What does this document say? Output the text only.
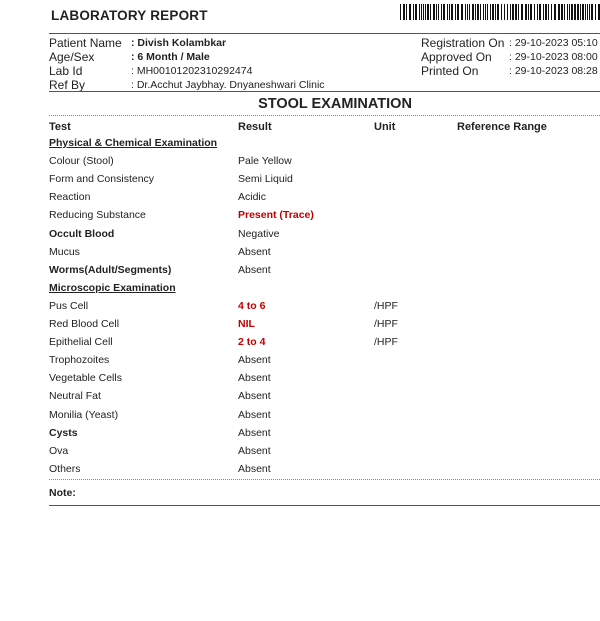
LABORATORY REPORT
Patient Name : Divish Kolambkar
Age/Sex	: 6 Month / Male
Lab Id	: MH00101202310292474
Ref By	: Dr.Acchut Jaybhay. Dnyaneshwari Clinic
Registration On : 29-10-2023 05:10
Approved On : 29-10-2023 08:00
Printed On	: 29-10-2023 08:28
STOOL EXAMINATION
Test	Result	Unit	Reference Range
Physical & Chemical Examination
Colour (Stool)	Pale Yellow
Form and Consistency	Semi Liquid
Reaction	Acidic
Reducing Substance	Present (Trace)
Occult Blood	Negative
Mucus	Absent
Worms(Adult/Segments)	Absent
Microscopic Examination
Pus Cell	4 to 6	/HPF
Red Blood Cell	NIL	/HPF
Epithelial Cell	2 to 4	/HPF
Trophozoites	Absent
Vegetable Cells	Absent
Neutral Fat	Absent
Monilia (Yeast)	Absent
Cysts	Absent
Ova	Absent
Others	Absent
Note:
